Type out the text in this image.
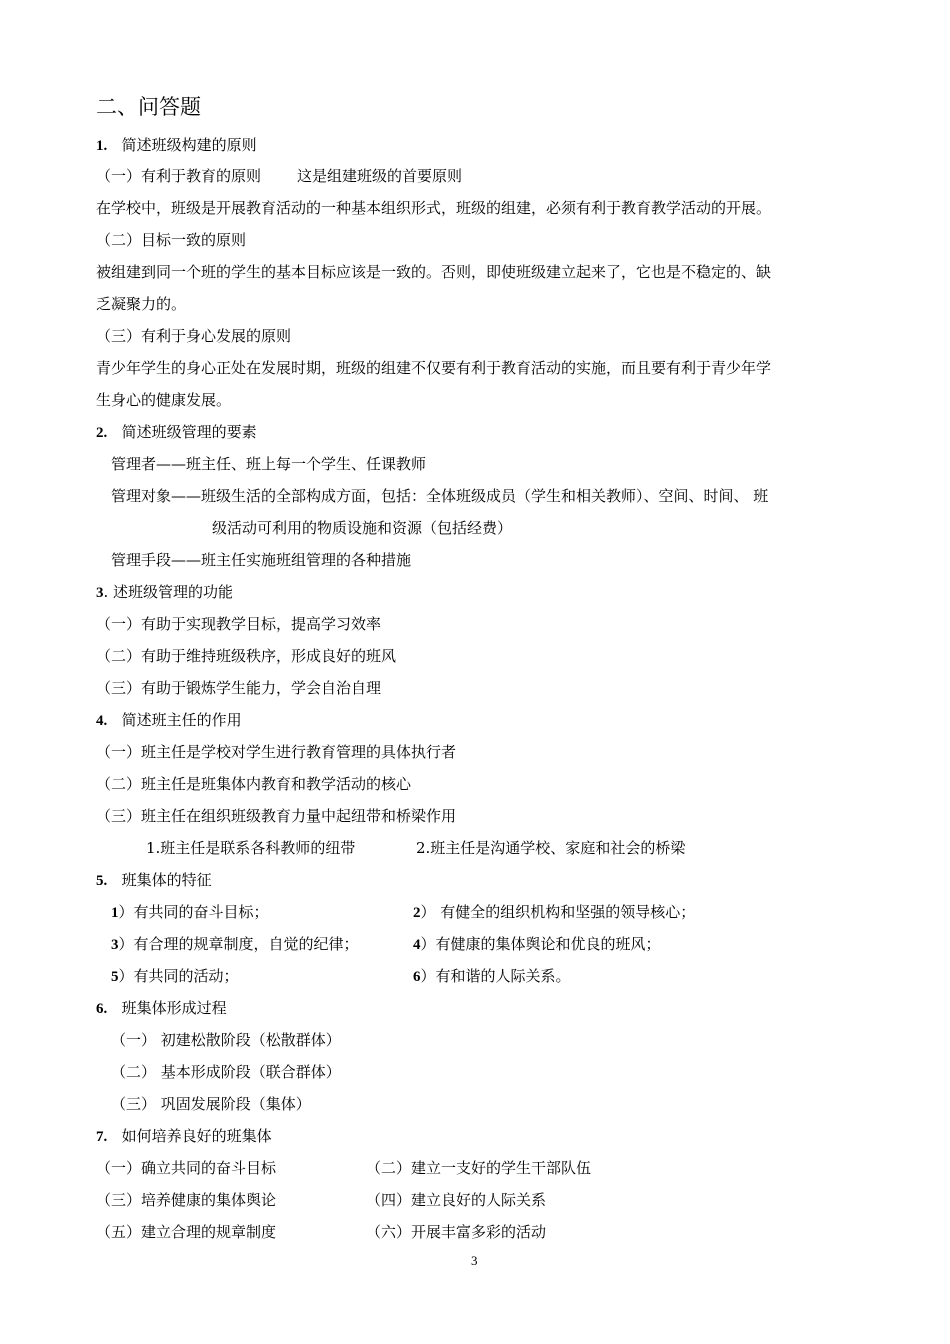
二、问答题
1. 简述班级构建的原则
（一）有利于教育的原则 这是组建班级的首要原则
在学校中，班级是开展教育活动的一种基本组织形式，班级的组建，必须有利于教育教学活动的开展。
（二）目标一致的原则
被组建到同一个班的学生的基本目标应该是一致的。否则，即使班级建立起来了，它也是不稳定的、缺
乏凝聚力的。
（三）有利于身心发展的原则
青少年学生的身心正处在发展时期，班级的组建不仅要有利于教育活动的实施，而且要有利于青少年学
生身心的健康发展。
2. 简述班级管理的要素
管理者——班主任、班上每一个学生、任课教师
管理对象——班级生活的全部构成方面，包括：全体班级成员（学生和相关教师）、空间、时间、 班
级活动可利用的物质设施和资源（包括经费）
管理手段——班主任实施班组管理的各种措施
3. 述班级管理的功能
（一）有助于实现教学目标，提高学习效率
（二）有助于维持班级秩序，形成良好的班风
（三）有助于锻炼学生能力，学会自治自理
4. 简述班主任的作用
（一）班主任是学校对学生进行教育管理的具体执行者
（二）班主任是班集体内教育和教学活动的核心
（三）班主任在组织班级教育力量中起纽带和桥梁作用
1.班主任是联系各科教师的纽带	2.班主任是沟通学校、家庭和社会的桥梁
5. 班集体的特征
1）有共同的奋斗目标；	2） 有健全的组织机构和坚强的领导核心；
3）有合理的规章制度，自觉的纪律；	4）有健康的集体舆论和优良的班风；
5）有共同的活动；	6）有和谐的人际关系。
6. 班集体形成过程
（一） 初建松散阶段（松散群体）
（二） 基本形成阶段（联合群体）
（三） 巩固发展阶段（集体）
7. 如何培养良好的班集体
（一）确立共同的奋斗目标	（二）建立一支好的学生干部队伍
（三）培养健康的集体舆论	（四）建立良好的人际关系
（五）建立合理的规章制度	（六）开展丰富多彩的活动
3
